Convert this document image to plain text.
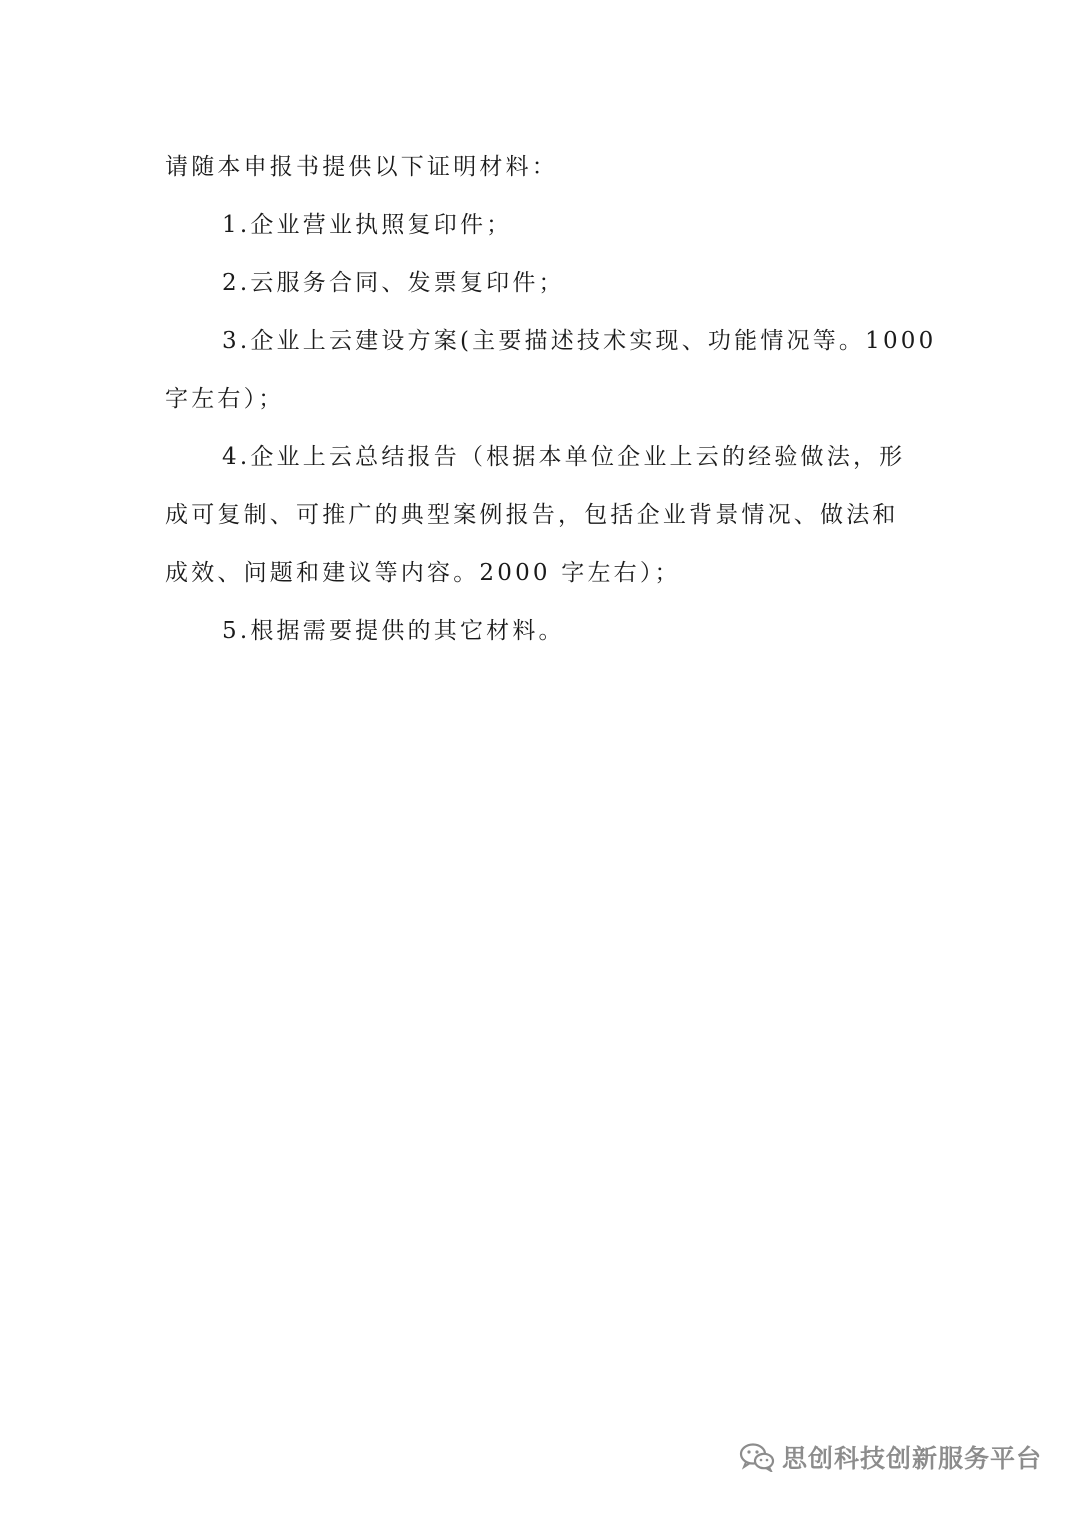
请随本申报书提供以下证明材料：
1.企业营业执照复印件；
2.云服务合同、发票复印件；
3.企业上云建设方案(主要描述技术实现、功能情况等。1000
字左右）；
4.企业上云总结报告（根据本单位企业上云的经验做法，形
成可复制、可推广的典型案例报告，包括企业背景情况、做法和
成效、问题和建议等内容。2000 字左右）；
5.根据需要提供的其它材料。
思创科技创新服务平台
